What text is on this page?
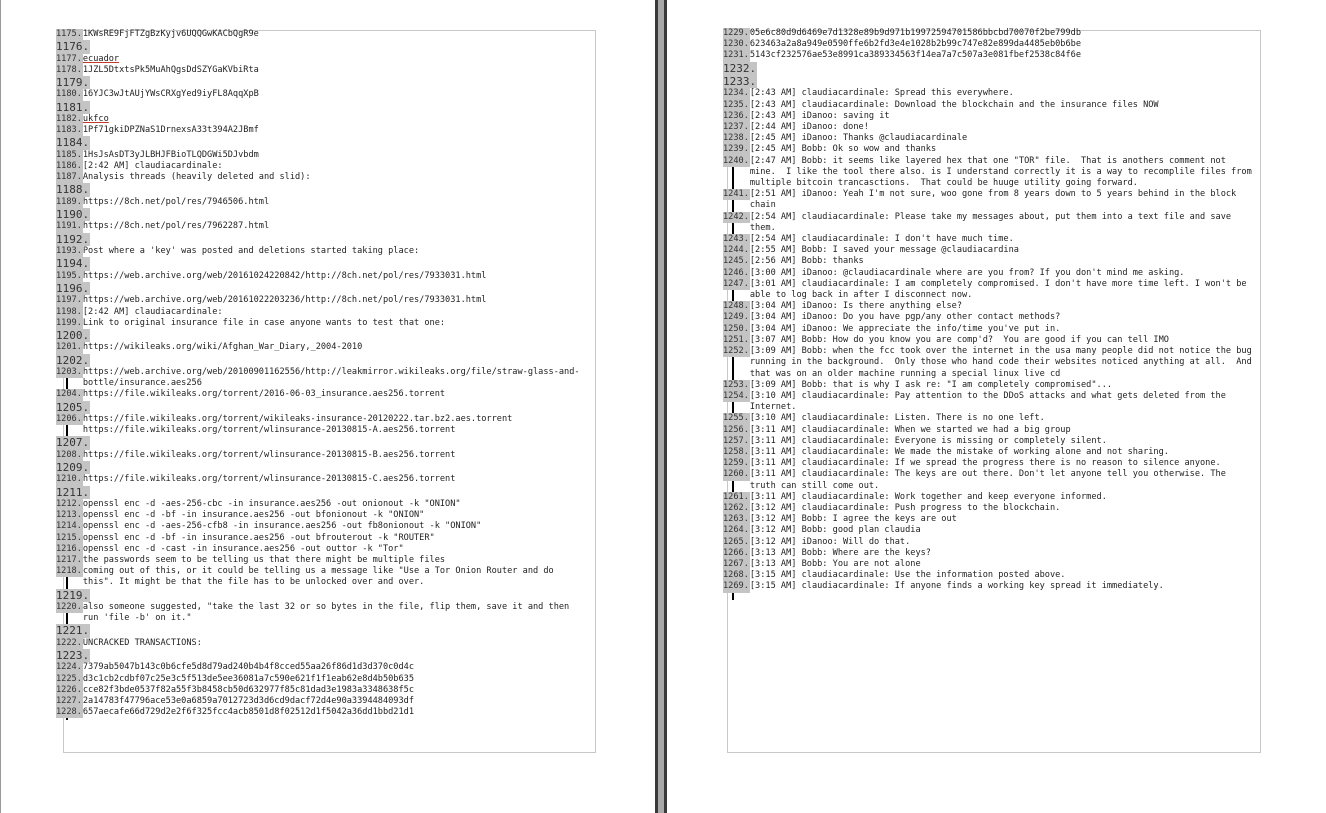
1175. 1KWsRE9FjFTZgBzKyjv6UQQGwKACbQgR9e
1176.
1177. ecuador
1178. 1JZL5DtxtsPk5MuAhQgsDdSZYGaKVbiRta
1179.
1180. 16YJC3wJtAUjYWsCRXgYed9iyFL8AqqXpB
1181.
1182. ukfco
1183. 1Pf71gkiDPZNaS1DrnexsA33t394A2JBmf
1184.
1185. 1HsJsAsDT3yJLBHJFBioTLQDGWi5DJvbdm
1186. [2:42 AM] claudiacardinale:
1187. Analysis threads (heavily deleted and slid):
1188.
1189. https://8ch.net/pol/res/7946506.html
1190.
1191. https://8ch.net/pol/res/7962287.html
1192.
1193. Post where a 'key' was posted and deletions started taking place:
1194.
1195. https://web.archive.org/web/20161024220842/http://8ch.net/pol/res/7933031.html
1196.
1197. https://web.archive.org/web/20161022203236/http://8ch.net/pol/res/7933031.html
1198. [2:42 AM] claudiacardinale:
1199. Link to original insurance file in case anyone wants to test that one:
1200.
1201. https://wikileaks.org/wiki/Afghan_War_Diary,_2004-2010
1202.
1203. https://web.archive.org/web/20100901162556/http://leakmirror.wikileaks.org/file/straw-glass-and-bottle/insurance.aes256
1204. https://file.wikileaks.org/torrent/2016-06-03_insurance.aes256.torrent
1205.
1206. https://file.wikileaks.org/torrent/wikileaks-insurance-20120222.tar.bz2.aes.torrent https://file.wikileaks.org/torrent/wlinsurance-20130815-A.aes256.torrent
1207.
1208. https://file.wikileaks.org/torrent/wlinsurance-20130815-B.aes256.torrent
1209.
1210. https://file.wikileaks.org/torrent/wlinsurance-20130815-C.aes256.torrent
1211.
1212. openssl enc -d -aes-256-cbc -in insurance.aes256 -out onionout -k "ONION"
1213. openssl enc -d -bf -in insurance.aes256 -out bfonionout -k "ONION"
1214. openssl enc -d -aes-256-cfb8 -in insurance.aes256 -out fb8onionout -k "ONION"
1215. openssl enc -d -bf -in insurance.aes256 -out bfrouterout -k "ROUTER"
1216. openssl enc -d -cast -in insurance.aes256 -out outtor -k "Tor"
1217. the passwords seem to be telling us that there might be multiple files
1218. coming out of this, or it could be telling us a message like "Use a Tor Onion Router and do this". It might be that the file has to be unlocked over and over.
1219.
1220. also someone suggested, "take the last 32 or so bytes in the file, flip them, save it and then run 'file -b' on it."
1221.
1222. UNCRACKED TRANSACTIONS:
1223.
1224. 7379ab5047b143c0b6cfe5d8d79ad240b4b4f8cced55aa26f86d1d3d370c0d4c
1225. d3c1cb2cdbf07c25e3c5f513de5ee36081a7c590e621f1f1eab62e8d4b50b635
1226. cce82f3bde0537f82a55f3b8458cb50d632977f85c81dad3e1983a3348638f5c
1227. 2a14783f47796ace53e0a6859a7012723d3d6cd9dacf72d4e90a3394484093df
1228. 657aecafe66d729d2e2f6f325fcc4acb8501d8f02512d1f5042a36dd1bbd21d1
1229. 05e6c80d9d6469e7d1328e89b9d971b19972594701586bbcbd70070f2be799db
1230. 623463a2a8a949e0590ffe6b2fd3e4e1028b2b99c747e82e899da4485eb0b6be
1231. 5143cf232576ae53e8991ca389334563f14ea7a7c507a3e081fbef2538c84f6e
1232.
1233.
1234. [2:43 AM] claudiacardinale: Spread this everywhere.
1235. [2:43 AM] claudiacardinale: Download the blockchain and the insurance files NOW
1236. [2:43 AM] iDanoo: saving it
1237. [2:44 AM] iDanoo: done!
1238. [2:45 AM] iDanoo: Thanks @claudiacardinale
1239. [2:45 AM] Bobb: Ok so wow and thanks
1240. [2:47 AM] Bobb: it seems like layered hex that one "TOR" file.  That is anothers comment not mine.  I like the tool there also. is I understand correctly it is a way to recomplile files from multiple bitcoin trancasctions.  That could be huuge utility going forward.
1241. [2:51 AM] iDanoo: Yeah I'm not sure, woo gone from 8 years down to 5 years behind in the block chain
1242. [2:54 AM] claudiacardinale: Please take my messages about, put them into a text file and save them.
1243. [2:54 AM] claudiacardinale: I don't have much time.
1244. [2:55 AM] Bobb: I saved your message @claudiacardina
1245. [2:56 AM] Bobb: thanks
1246. [3:00 AM] iDanoo: @claudiacardinale where are you from? If you don't mind me asking.
1247. [3:01 AM] claudiacardinale: I am completely compromised. I don't have more time left. I won't be able to log back in after I disconnect now.
1248. [3:04 AM] iDanoo: Is there anything else?
1249. [3:04 AM] iDanoo: Do you have pgp/any other contact methods?
1250. [3:04 AM] iDanoo: We appreciate the info/time you've put in.
1251. [3:07 AM] Bobb: How do you know you are comp'd?  You are good if you can tell IMO
1252. [3:09 AM] Bobb: when the fcc took over the internet in the usa many people did not notice the bug running in the background.  Only those who hand code their websites noticed anything at all.  And that was on an older machine running a special linux live cd
1253. [3:09 AM] Bobb: that is why I ask re: "I am completely compromised"...
1254. [3:10 AM] claudiacardinale: Pay attention to the DDoS attacks and what gets deleted from the Internet.
1255. [3:10 AM] claudiacardinale: Listen. There is no one left.
1256. [3:11 AM] claudiacardinale: When we started we had a big group
1257. [3:11 AM] claudiacardinale: Everyone is missing or completely silent.
1258. [3:11 AM] claudiacardinale: We made the mistake of working alone and not sharing.
1259. [3:11 AM] claudiacardinale: If we spread the progress there is no reason to silence anyone.
1260. [3:11 AM] claudiacardinale: The keys are out there. Don't let anyone tell you otherwise. The truth can still come out.
1261. [3:11 AM] claudiacardinale: Work together and keep everyone informed.
1262. [3:12 AM] claudiacardinale: Push progress to the blockchain.
1263. [3:12 AM] Bobb: I agree the keys are out
1264. [3:12 AM] Bobb: good plan claudia
1265. [3:12 AM] iDanoo: Will do that.
1266. [3:13 AM] Bobb: Where are the keys?
1267. [3:13 AM] Bobb: You are not alone
1268. [3:15 AM] claudiacardinale: Use the information posted above.
1269. [3:15 AM] claudiacardinale: If anyone finds a working key spread it immediately.
